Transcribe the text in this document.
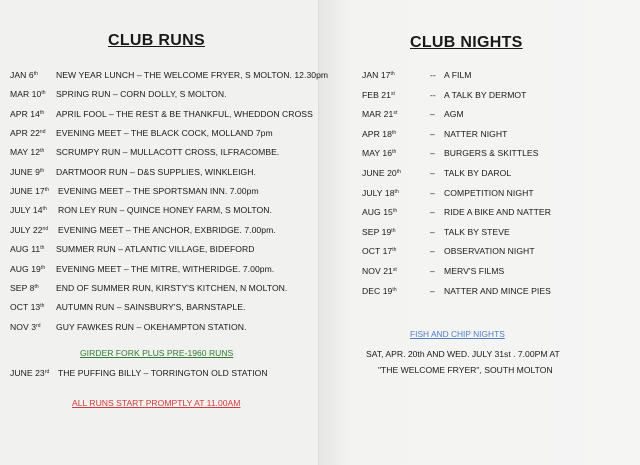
CLUB RUNS
JAN 6th NEW YEAR LUNCH – THE WELCOME FRYER, S MOLTON. 12.30pm
MAR 10th SPRING RUN – CORN DOLLY, S MOLTON.
APR 14th APRIL FOOL – THE REST & BE THANKFUL, WHEDDON CROSS
APR 22nd EVENING MEET – THE BLACK COCK, MOLLAND 7pm
MAY 12th SCRUMPY RUN – MULLACOTT CROSS, ILFRACOMBE.
JUNE 9th DARTMOOR RUN – D&S SUPPLIES, WINKLEIGH.
JUNE 17th EVENING MEET – THE SPORTSMAN INN. 7.00pm
JULY 14th RON LEY RUN – QUINCE HONEY FARM, S MOLTON.
JULY 22nd EVENING MEET – THE ANCHOR, EXBRIDGE. 7.00pm.
AUG 11th SUMMER RUN – ATLANTIC VILLAGE, BIDEFORD
AUG 19th EVENING MEET – THE MITRE, WITHERIDGE. 7.00pm.
SEP 8th END OF SUMMER RUN, KIRSTY'S KITCHEN, N MOLTON.
OCT 13th AUTUMN RUN – SAINSBURY'S, BARNSTAPLE.
NOV 3rd GUY FAWKES RUN – OKEHAMPTON STATION.
GIRDER FORK PLUS PRE-1960 RUNS
JUNE 23rd THE PUFFING BILLY – TORRINGTON OLD STATION
ALL RUNS START PROMPTLY AT 11.00AM
CLUB NIGHTS
JAN 17th	-- A FILM
FEB 21st	-- A TALK BY DERMOT
MAR 21st	– AGM
APR 18th	– NATTER NIGHT
MAY 16th	– BURGERS & SKITTLES
JUNE 20th	– TALK BY DAROL
JULY 18th	– COMPETITION NIGHT
AUG 15th	– RIDE A BIKE AND NATTER
SEP 19th	– TALK BY STEVE
OCT 17th	– OBSERVATION NIGHT
NOV 21st	– MERV'S FILMS
DEC 19th	– NATTER AND MINCE PIES
FISH AND CHIP NIGHTS
SAT, APR. 20th AND WED. JULY 31st . 7.00PM AT
"THE WELCOME FRYER", SOUTH MOLTON
